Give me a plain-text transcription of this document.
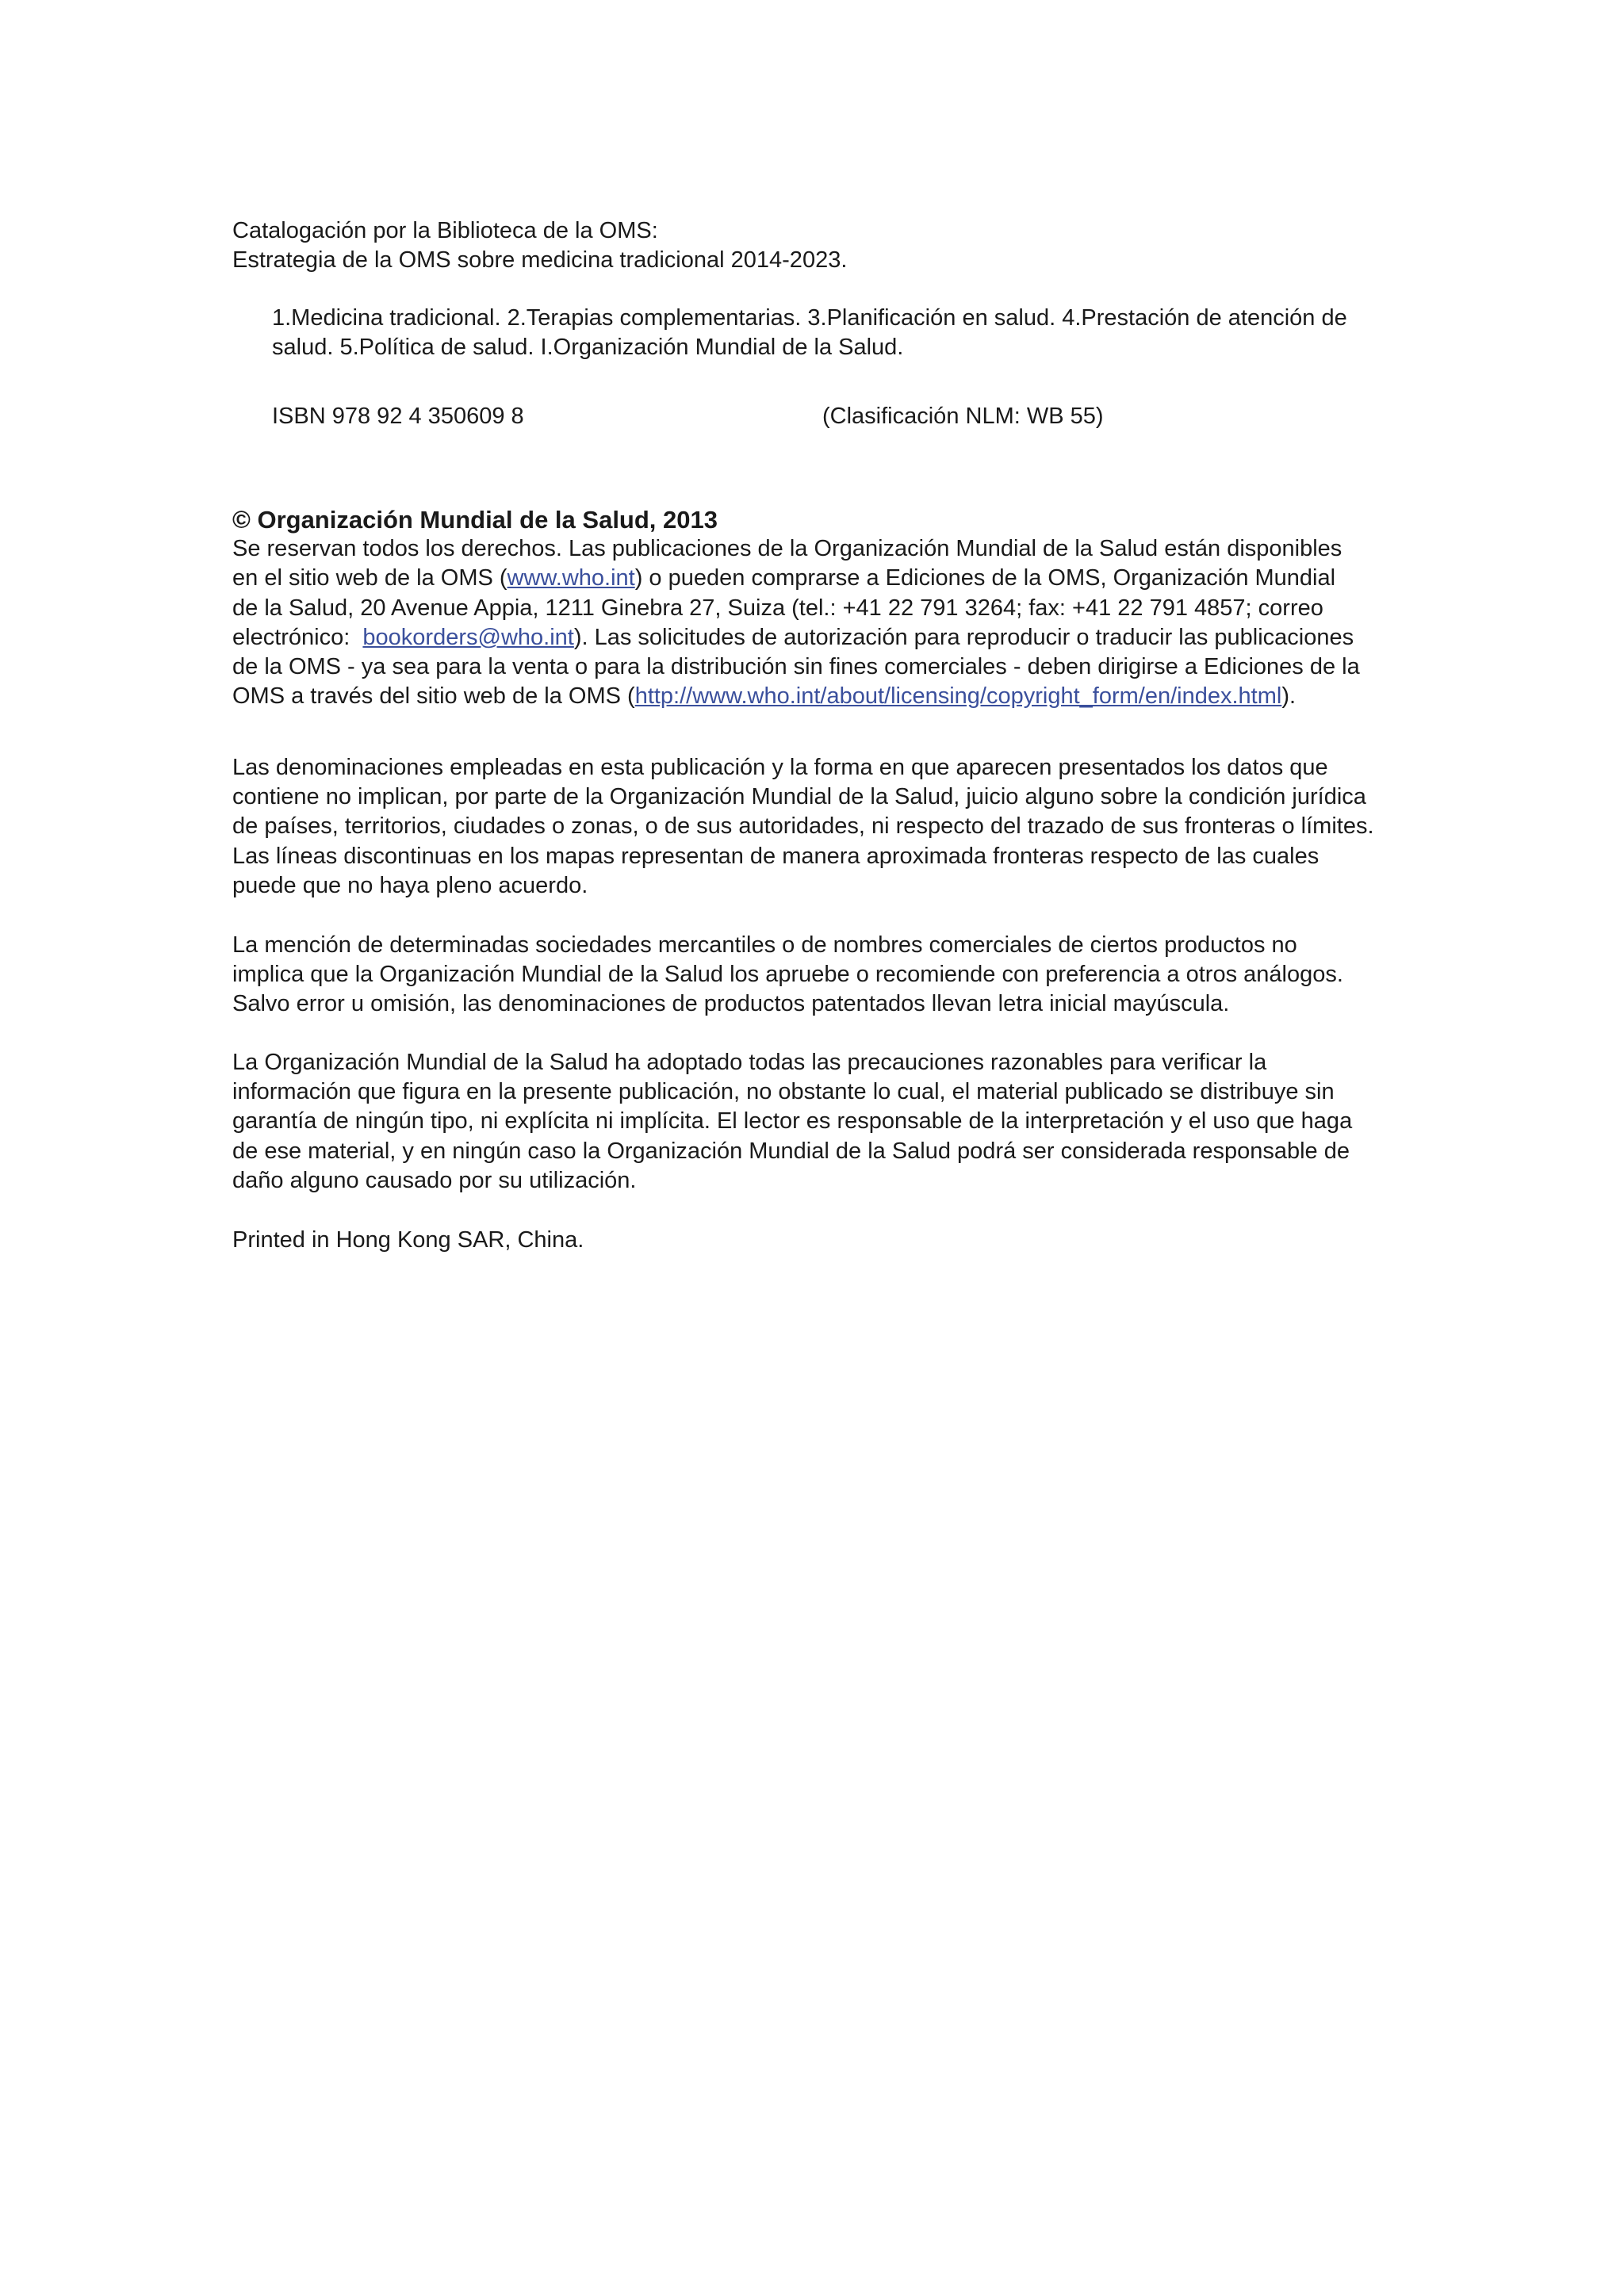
Catalogación por la Biblioteca de la OMS:
Estrategia de la OMS sobre medicina tradicional 2014-2023.
1.Medicina tradicional. 2.Terapias complementarias. 3.Planificación en salud. 4.Prestación de atención de
salud. 5.Política de salud. I.Organización Mundial de la Salud.
ISBN 978 92 4 350609 8	(Clasificación NLM: WB 55)
© Organización Mundial de la Salud, 2013
Se reservan todos los derechos. Las publicaciones de la Organización Mundial de la Salud están disponibles
en el sitio web de la OMS (www.who.int) o pueden comprarse a Ediciones de la OMS, Organización Mundial
de la Salud, 20 Avenue Appia, 1211 Ginebra 27, Suiza (tel.: +41 22 791 3264; fax: +41 22 791 4857; correo
electrónico:  bookorders@who.int). Las solicitudes de autorización para reproducir o traducir las publicaciones
de la OMS - ya sea para la venta o para la distribución sin fines comerciales - deben dirigirse a Ediciones de la
OMS a través del sitio web de la OMS (http://www.who.int/about/licensing/copyright_form/en/index.html).
Las denominaciones empleadas en esta publicación y la forma en que aparecen presentados los datos que
contiene no implican, por parte de la Organización Mundial de la Salud, juicio alguno sobre la condición jurídica
de países, territorios, ciudades o zonas, o de sus autoridades, ni respecto del trazado de sus fronteras o límites.
Las líneas discontinuas en los mapas representan de manera aproximada fronteras respecto de las cuales
puede que no haya pleno acuerdo.
La mención de determinadas sociedades mercantiles o de nombres comerciales de ciertos productos no
implica que la Organización Mundial de la Salud los apruebe o recomiende con preferencia a otros análogos.
Salvo error u omisión, las denominaciones de productos patentados llevan letra inicial mayúscula.
La Organización Mundial de la Salud ha adoptado todas las precauciones razonables para verificar la
información que figura en la presente publicación, no obstante lo cual, el material publicado se distribuye sin
garantía de ningún tipo, ni explícita ni implícita. El lector es responsable de la interpretación y el uso que haga
de ese material, y en ningún caso la Organización Mundial de la Salud podrá ser considerada responsable de
daño alguno causado por su utilización.
Printed in Hong Kong SAR, China.
